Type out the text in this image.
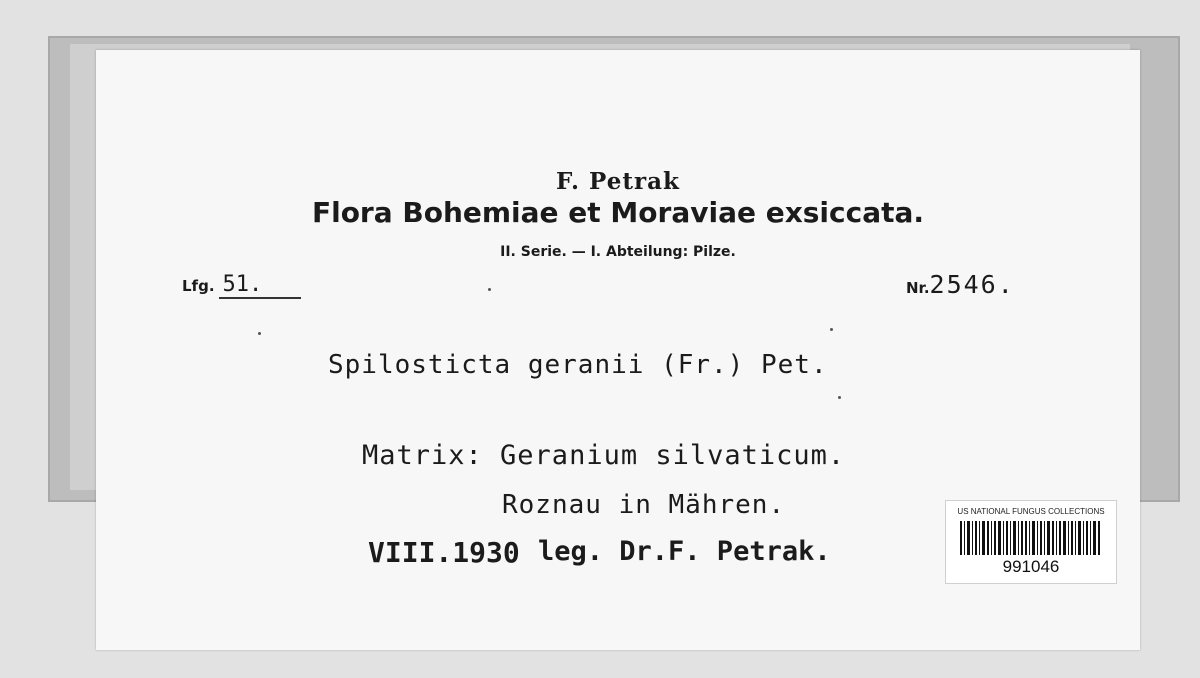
F. Petrak
Flora Bohemiae et Moraviae exsiccata.
II. Serie. — I. Abteilung: Pilze.
Lfg. 51.	Nr.2546.
Spilosticta geranii (Fr.) Pet.
Matrix: Geranium silvaticum.
Roznau in Mähren.
VIII.1930 leg. Dr.F. Petrak.
US NATIONAL FUNGUS COLLECTIONS
991046
